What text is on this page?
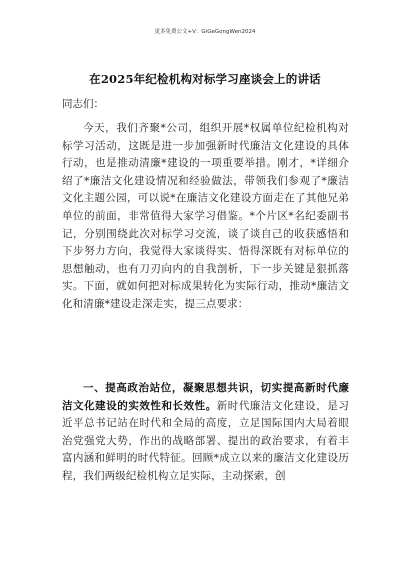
更多免费公文+V：GiGeGongWen2024
在2025年纪检机构对标学习座谈会上的讲话
同志们：
今天，我们齐聚*公司，组织开展*权属单位纪检机构对标学习活动，这既是进一步加强新时代廉洁文化建设的具体行动，也是推动清廉*建设的一项重要举措。刚才，*详细介绍了*廉洁文化建设情况和经验做法，带领我们参观了*廉洁文化主题公园，可以说*在廉洁文化建设方面走在了其他兄弟单位的前面，非常值得大家学习借鉴。*个片区*名纪委副书记，分别围绕此次对标学习交流，谈了谈自己的收获感悟和下步努力方向，我觉得大家谈得实、悟得深既有对标单位的思想触动，也有刀刃向内的自我剖析，下一步关键是狠抓落实。下面，就如何把对标成果转化为实际行动，推动*廉洁文化和清廉*建设走深走实，提三点要求：
一、提高政治站位，凝聚思想共识，切实提高新时代廉洁文化建设的实效性和长效性。新时代廉洁文化建设，是习近平总书记站在时代和全局的高度，立足国际国内大局着眼治党强党大势，作出的战略部署、提出的政治要求，有着丰富内涵和鲜明的时代特征。回顾*成立以来的廉洁文化建设历程，我们两级纪检机构立足实际，主动探索，创
